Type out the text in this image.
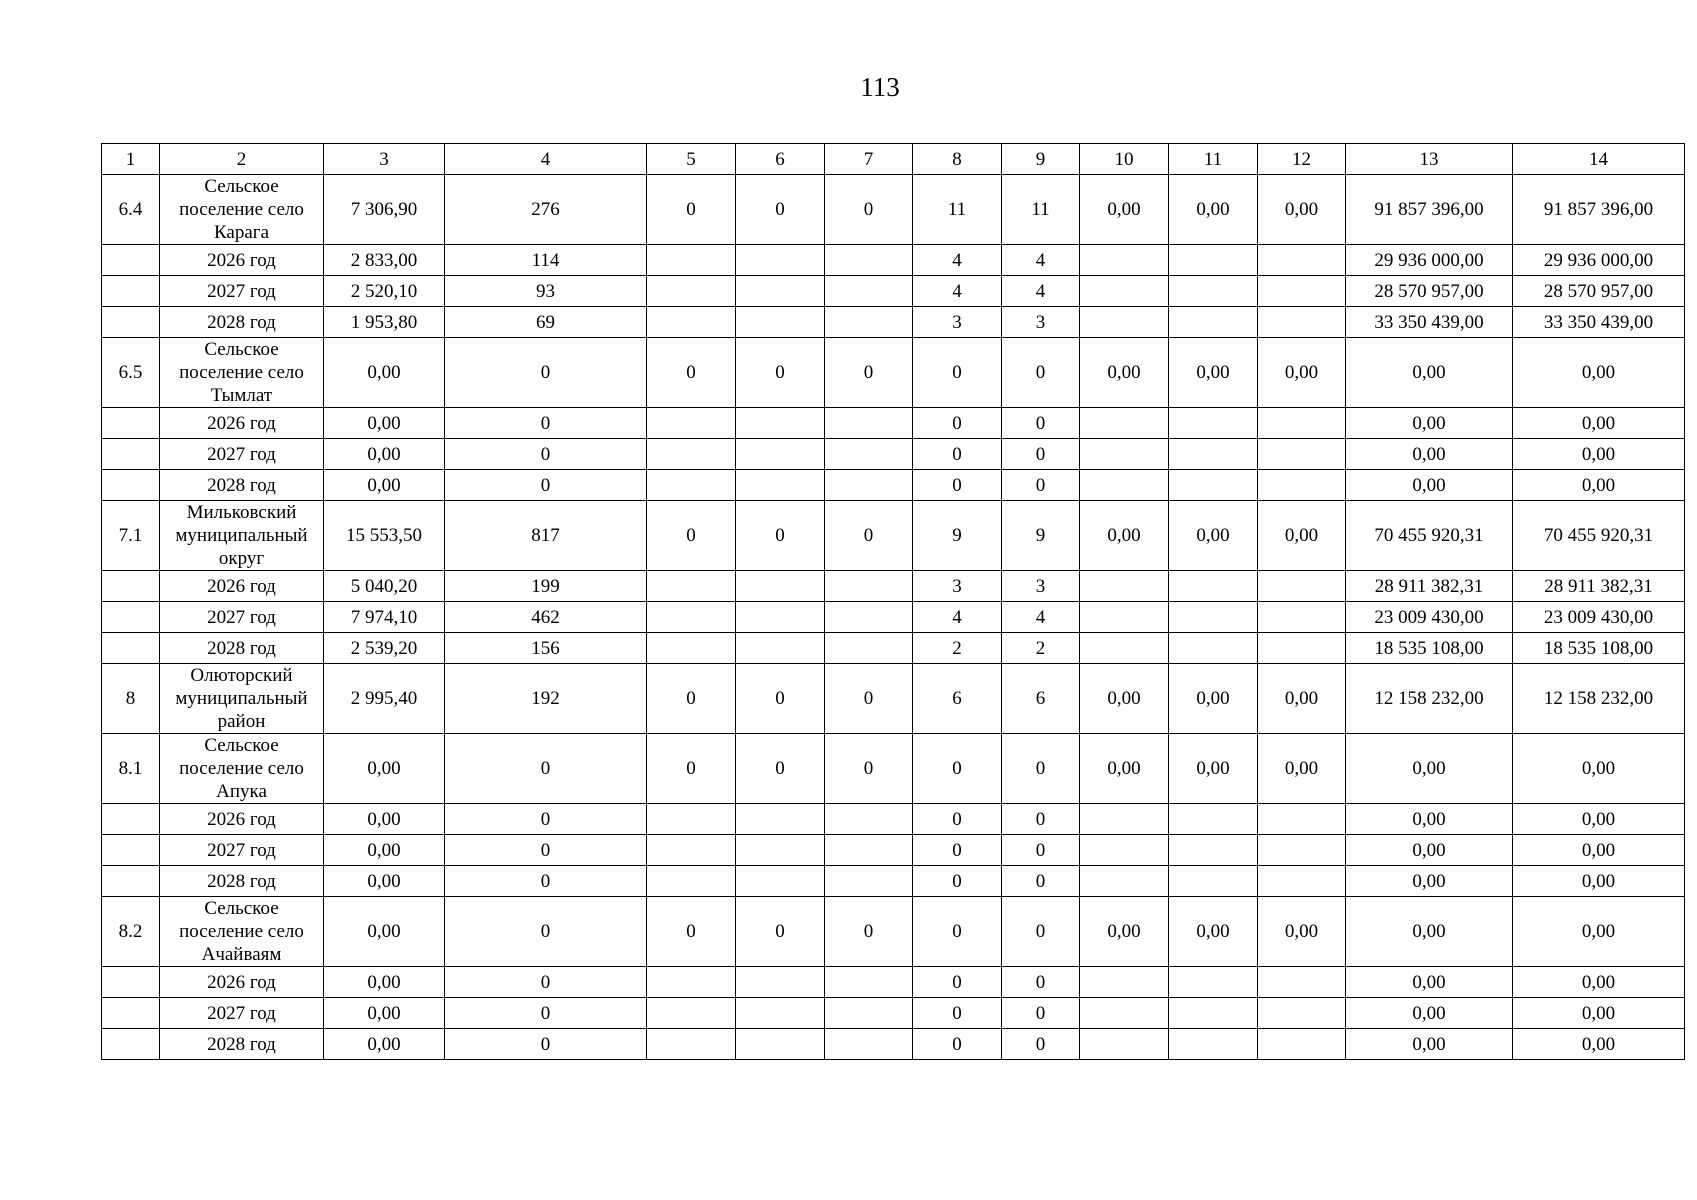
113
1	2	3	4	5	6	7	8	9	10	11	12	13	14
6.4	Сельское поселение село Карага	7 306,90	276	0	0	0	11	11	0,00	0,00	0,00	91 857 396,00	91 857 396,00
	2026 год	2 833,00	114				4	4				29 936 000,00	29 936 000,00
	2027 год	2 520,10	93				4	4				28 570 957,00	28 570 957,00
	2028 год	1 953,80	69				3	3				33 350 439,00	33 350 439,00
6.5	Сельское поселение село Тымлат	0,00	0	0	0	0	0	0	0,00	0,00	0,00	0,00	0,00
	2026 год	0,00	0				0	0				0,00	0,00
	2027 год	0,00	0				0	0				0,00	0,00
	2028 год	0,00	0				0	0				0,00	0,00
7.1	Мильковский муниципальный округ	15 553,50	817	0	0	0	9	9	0,00	0,00	0,00	70 455 920,31	70 455 920,31
	2026 год	5 040,20	199				3	3				28 911 382,31	28 911 382,31
	2027 год	7 974,10	462				4	4				23 009 430,00	23 009 430,00
	2028 год	2 539,20	156				2	2				18 535 108,00	18 535 108,00
8	Олюторский муниципальный район	2 995,40	192	0	0	0	6	6	0,00	0,00	0,00	12 158 232,00	12 158 232,00
8.1	Сельское поселение село Апука	0,00	0	0	0	0	0	0	0,00	0,00	0,00	0,00	0,00
	2026 год	0,00	0				0	0				0,00	0,00
	2027 год	0,00	0				0	0				0,00	0,00
	2028 год	0,00	0				0	0				0,00	0,00
8.2	Сельское поселение село Ачайваям	0,00	0	0	0	0	0	0	0,00	0,00	0,00	0,00	0,00
	2026 год	0,00	0				0	0				0,00	0,00
	2027 год	0,00	0				0	0				0,00	0,00
	2028 год	0,00	0				0	0				0,00	0,00
